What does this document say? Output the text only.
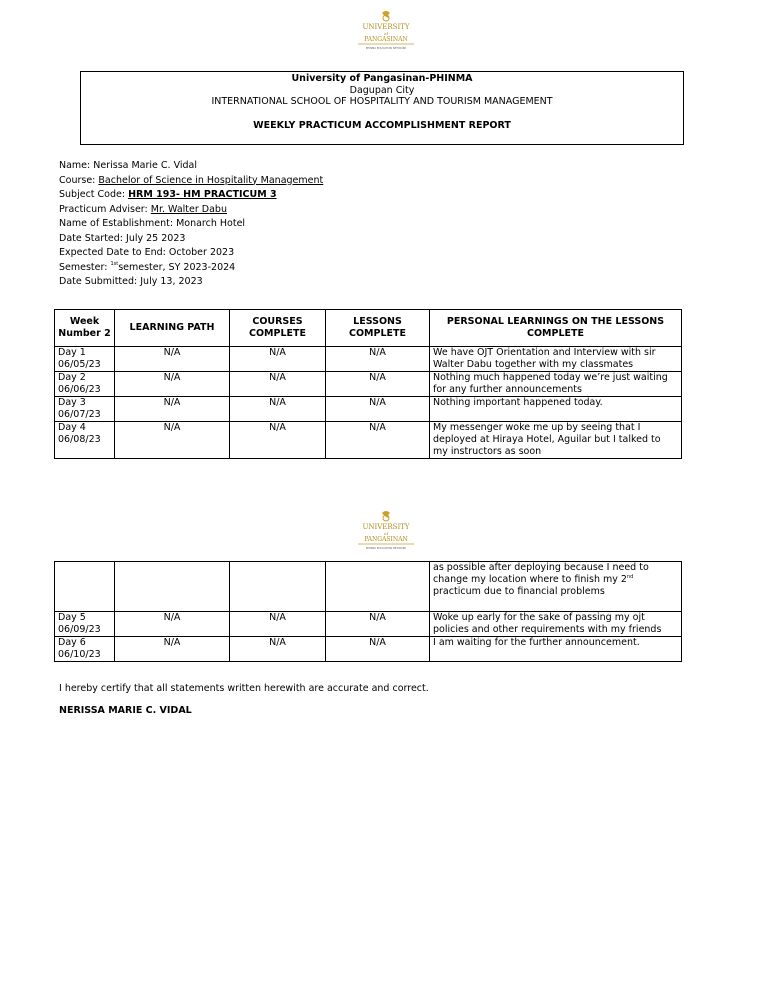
UNIVERSITY
of
PANGASINAN
PHINMA EDUCATION NETWORK
University of Pangasinan-PHINMA
Dagupan City
INTERNATIONAL SCHOOL OF HOSPITALITY AND TOURISM MANAGEMENT
WEEKLY PRACTICUM ACCOMPLISHMENT REPORT
Name: Nerissa Marie C. Vidal
Course: Bachelor of Science in Hospitality Management
Subject Code: HRM 193- HM PRACTICUM 3
Practicum Adviser: Mr. Walter Dabu
Name of Establishment: Monarch Hotel
Date Started: July 25 2023
Expected Date to End: October 2023
Semester: $^{1st}$semester, SY 2023-2024
Date Submitted: July 13, 2023
Week Number 2	LEARNING PATH	COURSES COMPLETE	LESSONS COMPLETE	PERSONAL LEARNINGS ON THE LESSONS COMPLETE

Day 1
06/05/23	N/A	N/A	N/A	We have OJT Orientation and Interview with sir Walter Dabu together with my classmates

Day 2
06/06/23	N/A	N/A	N/A	Nothing much happened today we’re just waiting for any further announcements

Day 3
06/07/23	N/A	N/A	N/A	Nothing important happened today.

Day 4
06/08/23	N/A	N/A	N/A	My messenger woke me up by seeing that I deployed at Hiraya Hotel, Aguilar but I talked to my instructors as soon
UNIVERSITY
of
PANGASINAN
PHINMA EDUCATION NETWORK
				as possible after deploying because I need to change my location where to finish my 2nd practicum due to financial problems

Day 5
06/09/23	N/A	N/A	N/A	Woke up early for the sake of passing my ojt policies and other requirements with my friends

Day 6
06/10/23	N/A	N/A	N/A	I am waiting for the further announcement.
I hereby certify that all statements written herewith are accurate and correct.
NERISSA MARIE C. VIDAL
